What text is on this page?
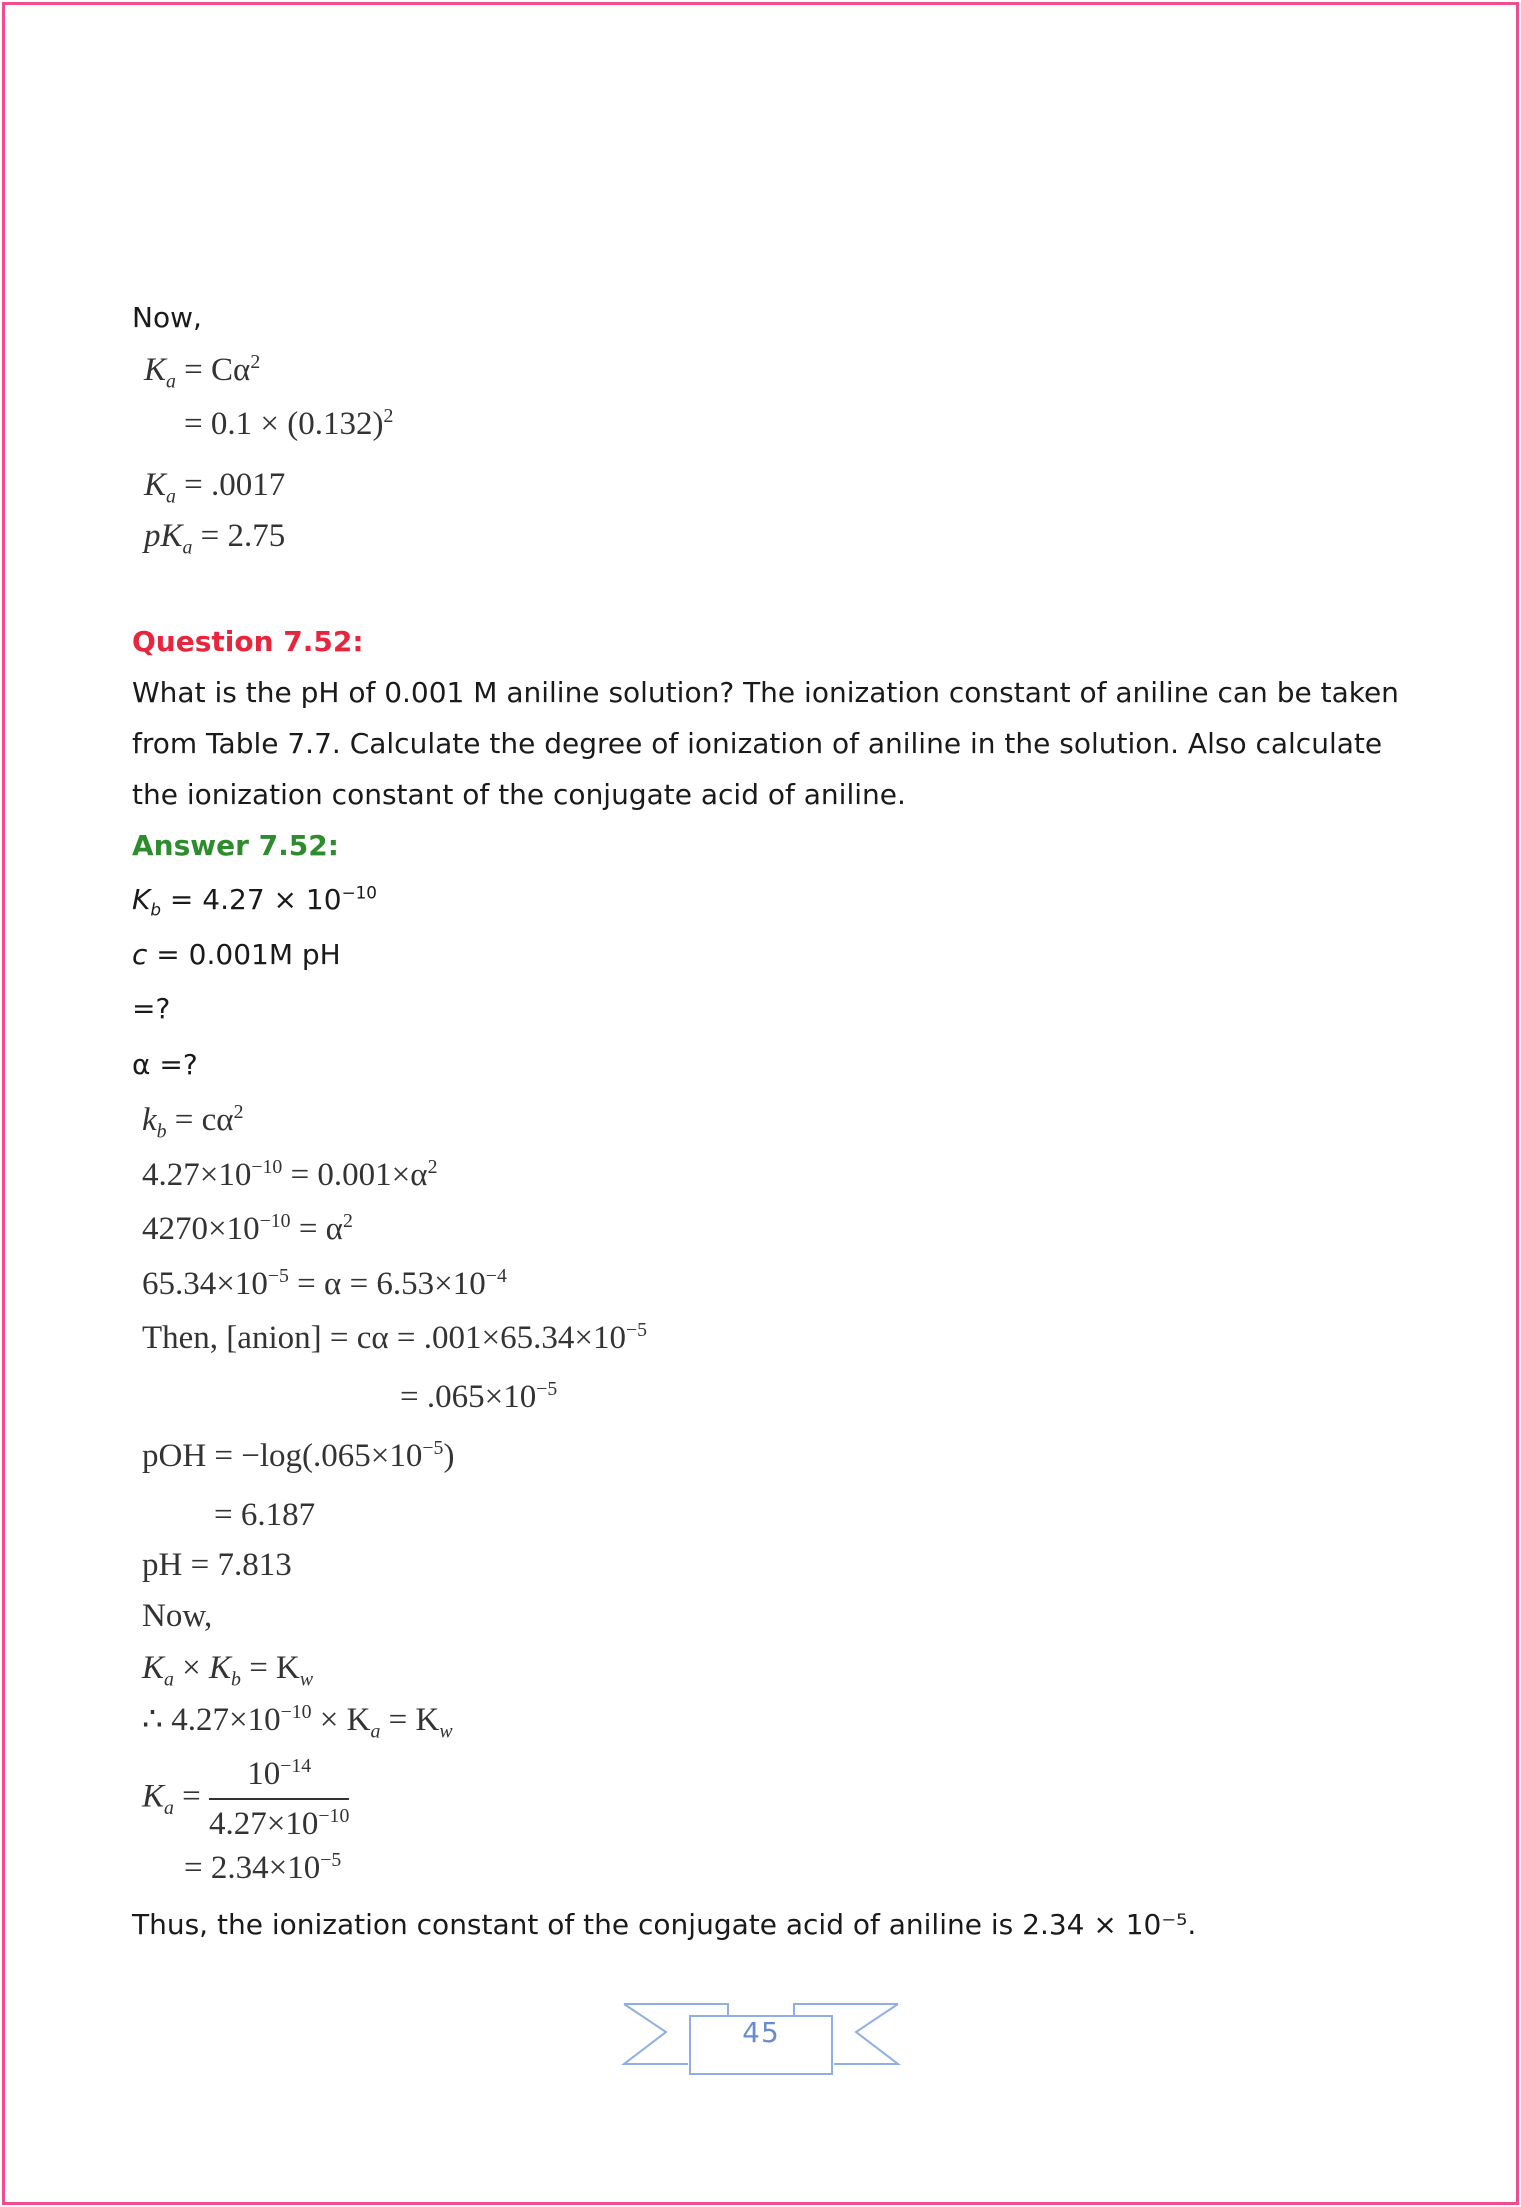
Now,
$K_a = C\alpha^2$
= $0.1 \times (0.132)^2$
$K_a = .0017$
$pK_a = 2.75$
Question 7.52:
What is the pH of 0.001 M aniline solution? The ionization constant of aniline can be taken
from Table 7.7. Calculate the degree of ionization of aniline in the solution. Also calculate
the ionization constant of the conjugate acid of aniline.
Answer 7.52:
$K_b = 4.27 \times 10^{-10}$
c = 0.001M pH
=?
α =?
$k_b = c\alpha^2$
$4.27\times 10^{-10} = 0.001\times\alpha^2$
$4270\times 10^{-10} = \alpha^2$
$65.34\times 10^{-5} = \alpha = 6.53\times 10^{-4}$
Then, [anion] = $c\alpha = .001\times 65.34\times 10^{-5}$
= $.065\times 10^{-5}$
pOH = $-\log(.065\times 10^{-5})$
= 6.187
pH = 7.813
Now,
$K_a \times K_b = K_w$
∴ $4.27\times 10^{-10} \times K_a = K_w$
$K_a = \frac{10^{-14}}{4.27\times 10^{-10}}$
= $2.34\times 10^{-5}$
Thus, the ionization constant of the conjugate acid of aniline is 2.34 × 10⁻⁵.
45
